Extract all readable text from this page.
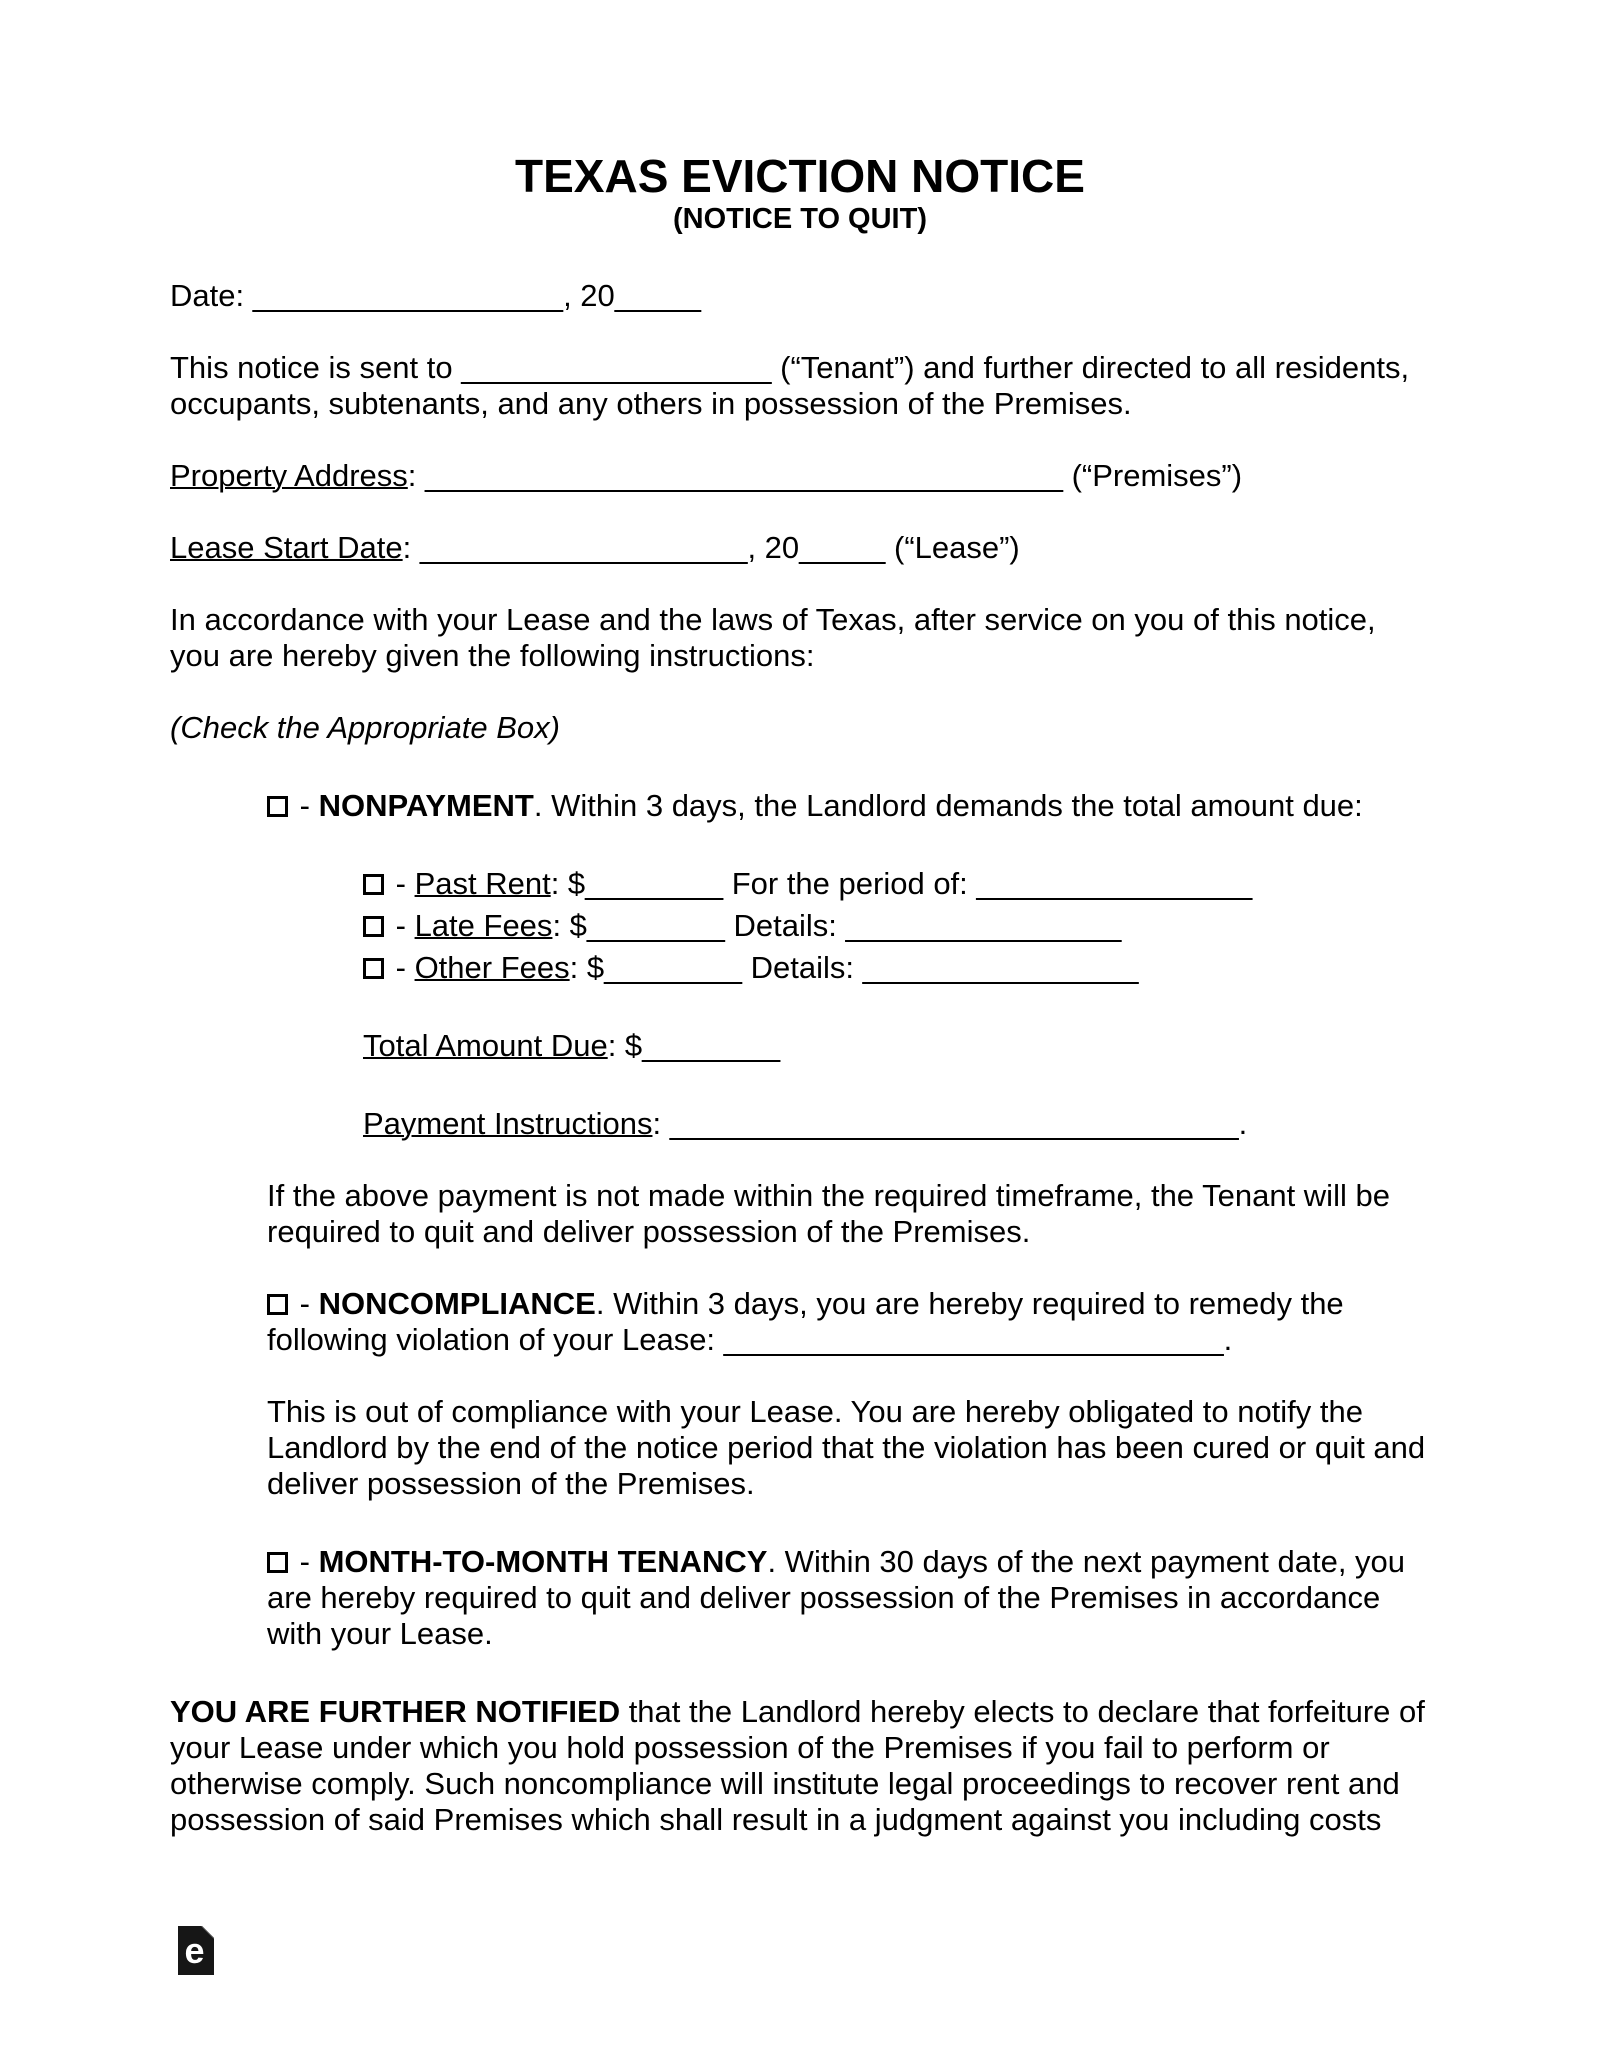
TEXAS EVICTION NOTICE
(NOTICE TO QUIT)

Date: __________________, 20_____

This notice is sent to __________________ (“Tenant”) and further directed to all residents, occupants, subtenants, and any others in possession of the Premises.

Property Address: _____________________________________ (“Premises”)

Lease Start Date: ___________________, 20_____ (“Lease”)

In accordance with your Lease and the laws of Texas, after service on you of this notice, you are hereby given the following instructions:

(Check the Appropriate Box)

- NONPAYMENT. Within 3 days, the Landlord demands the total amount due:

- Past Rent: $________ For the period of: ________________

- Late Fees: $________ Details: ________________

- Other Fees: $________ Details: ________________

Total Amount Due: $________

Payment Instructions: _________________________________.

If the above payment is not made within the required timeframe, the Tenant will be required to quit and deliver possession of the Premises.

- NONCOMPLIANCE. Within 3 days, you are hereby required to remedy the following violation of your Lease: _____________________________.

This is out of compliance with your Lease. You are hereby obligated to notify the Landlord by the end of the notice period that the violation has been cured or quit and deliver possession of the Premises.

- MONTH-TO-MONTH TENANCY. Within 30 days of the next payment date, you are hereby required to quit and deliver possession of the Premises in accordance with your Lease.

YOU ARE FURTHER NOTIFIED that the Landlord hereby elects to declare that forfeiture of your Lease under which you hold possession of the Premises if you fail to perform or otherwise comply. Such noncompliance will institute legal proceedings to recover rent and possession of said Premises which shall result in a judgment against you including costs

e
